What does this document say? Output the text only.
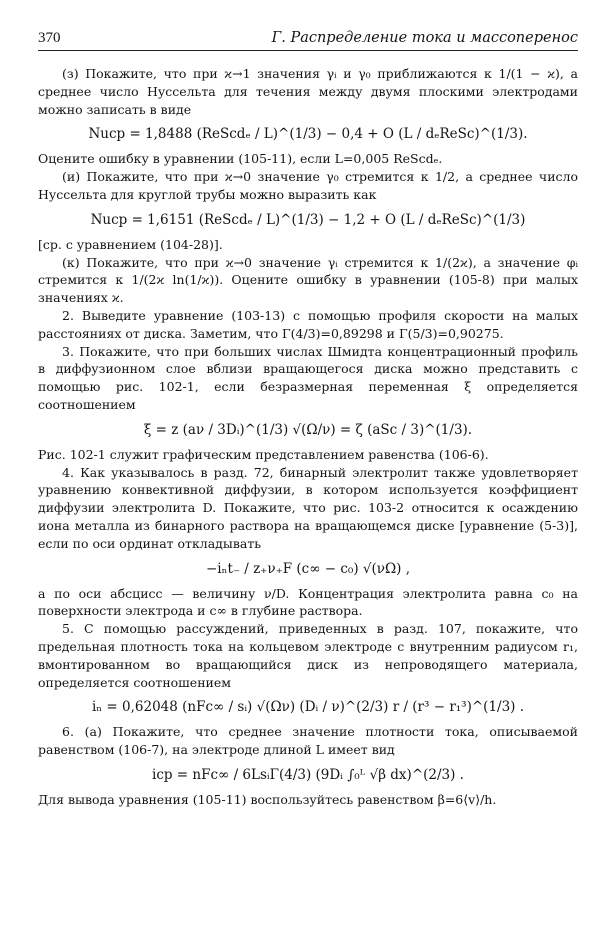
370	Г. Распределение тока и массоперенос

(з) Покажите, что при ϰ→1 значения γᵢ и γ₀ приближаются к 1/(1 − ϰ), а среднее число Нуссельта для течения между двумя плоскими электродами можно записать в виде

Nuср = 1,8488 (ReScdₑ / L)^(1/3) − 0,4 + O (L / dₑReSc)^(1/3).

Оцените ошибку в уравнении (105-11), если L=0,005 ReScdₑ.

(и) Покажите, что при ϰ→0 значение γ₀ стремится к 1/2, а среднее число Нуссельта для круглой трубы можно выразить как

Nuср = 1,6151 (ReScdₑ / L)^(1/3) − 1,2 + O (L / dₑReSc)^(1/3)

[ср. с уравнением (104-28)].

(к) Покажите, что при ϰ→0 значение γᵢ стремится к 1/(2ϰ), а значение φᵢ стремится к 1/(2ϰ ln(1/ϰ)). Оцените ошибку в уравнении (105-8) при малых значениях ϰ.

2. Выведите уравнение (103-13) с помощью профиля скорости на малых расстояниях от диска. Заметим, что Γ(4/3)=0,89298 и Γ(5/3)=0,90275.

3. Покажите, что при больших числах Шмидта концентрационный профиль в диффузионном слое вблизи вращающегося диска можно представить с помощью рис. 102-1, если безразмерная переменная ξ определяется соотношением

ξ = z (aν / 3Dᵢ)^(1/3) √(Ω/ν) = ζ (aSc / 3)^(1/3).

Рис. 102-1 служит графическим представлением равенства (106-6).

4. Как указывалось в разд. 72, бинарный электролит также удовлетворяет уравнению конвективной диффузии, в котором используется коэффициент диффузии электролита D. Покажите, что рис. 103-2 относится к осаждению иона металла из бинарного раствора на вращающемся диске [уравнение (5-3)], если по оси ординат откладывать

−iₙt₋ / z₊ν₊F (c∞ − c₀) √(νΩ) ,

а по оси абсцисс — величину ν/D. Концентрация электролита равна c₀ на поверхности электрода и c∞ в глубине раствора.

5. С помощью рассуждений, приведенных в разд. 107, покажите, что предельная плотность тока на кольцевом электроде с внутренним радиусом r₁, вмонтированном во вращающийся диск из непроводящего материала, определяется соотношением

iₙ = 0,62048 (nFc∞ / sᵢ) √(Ων) (Dᵢ / ν)^(2/3) r / (r³ − r₁³)^(1/3) .

6. (а) Покажите, что среднее значение плотности тока, описываемой равенством (106-7), на электроде длиной L имеет вид

iср = nFc∞ / 6LsᵢΓ(4/3) (9Dᵢ ∫₀ᴸ √β dx)^(2/3) .

Для вывода уравнения (105-11) воспользуйтесь равенством β=6⟨v⟩/h.
